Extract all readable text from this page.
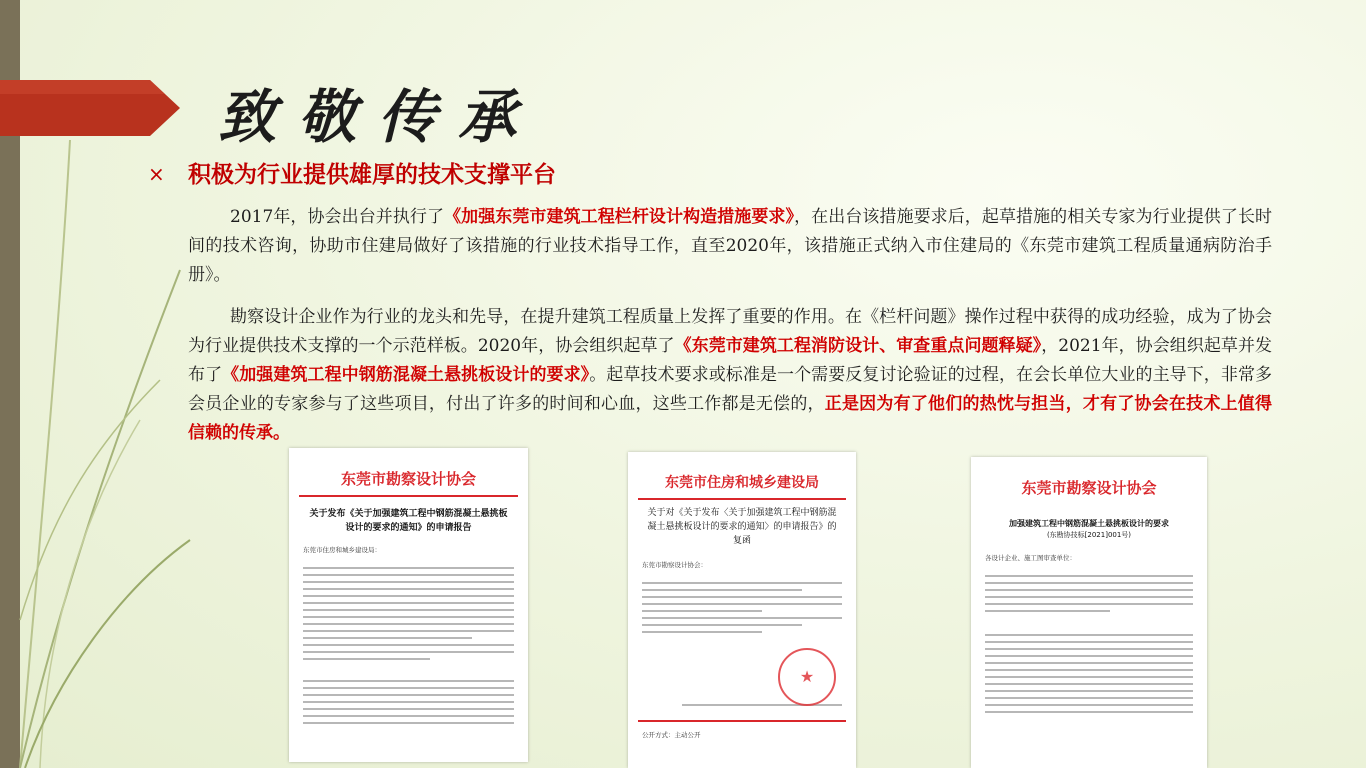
致敬传承
× 积极为行业提供雄厚的技术支撑平台

2017年，协会出台并执行了《加强东莞市建筑工程栏杆设计构造措施要求》，在出台该措施要求后，起草措施的相关专家为行业提供了长时间的技术咨询，协助市住建局做好了该措施的行业技术指导工作，直至2020年，该措施正式纳入市住建局的《东莞市建筑工程质量通病防治手册》。

勘察设计企业作为行业的龙头和先导，在提升建筑工程质量上发挥了重要的作用。在《栏杆问题》操作过程中获得的成功经验，成为了协会为行业提供技术支撑的一个示范样板。2020年，协会组织起草了《东莞市建筑工程消防设计、审查重点问题释疑》，2021年，协会组织起草并发布了《加强建筑工程中钢筋混凝土悬挑板设计的要求》。起草技术要求或标准是一个需要反复讨论验证的过程，在会长单位大业的主导下，非常多会员企业的专家参与了这些项目，付出了许多的时间和心血，这些工作都是无偿的，正是因为有了他们的热忱与担当，才有了协会在技术上值得信赖的传承。

东莞市勘察设计协会
关于发布《关于加强建筑工程中钢筋混凝土悬挑板设计的要求的通知》的申请报告
东莞市住房和城乡建设局：
东莞市住房和城乡建设局
关于对《关于发布〈关于加强建筑工程中钢筋混凝土悬挑板设计的要求的通知〉的申请报告》的复函
东莞市勘察设计协会：
★
公开方式：主动公开
东莞市勘察设计协会
加强建筑工程中钢筋混凝土悬挑板设计的要求
(东勘协技标[2021]001号)
各设计企业、施工图审查单位：
